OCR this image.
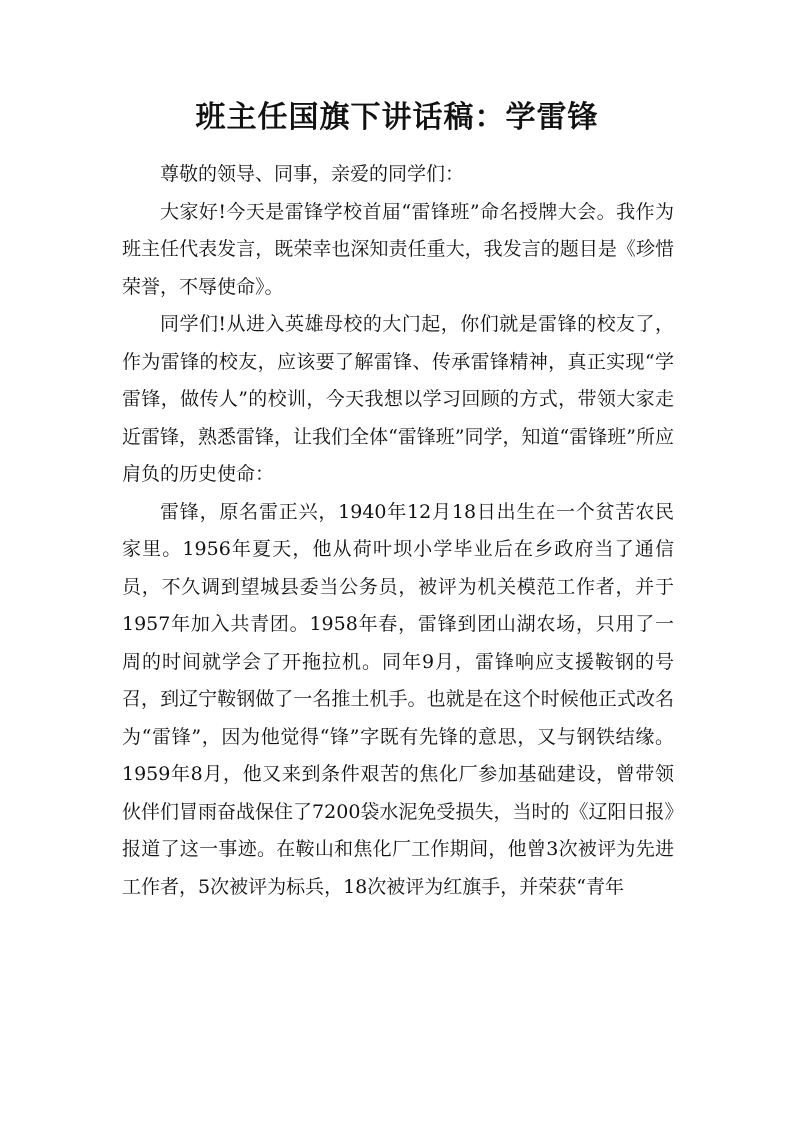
班主任国旗下讲话稿：学雷锋

尊敬的领导、同事，亲爱的同学们：

大家好!今天是雷锋学校首届“雷锋班”命名授牌大会。我作为班主任代表发言，既荣幸也深知责任重大，我发言的题目是《珍惜荣誉，不辱使命》。

同学们!从进入英雄母校的大门起，你们就是雷锋的校友了，作为雷锋的校友，应该要了解雷锋、传承雷锋精神，真正实现“学雷锋，做传人”的校训，今天我想以学习回顾的方式，带领大家走近雷锋，熟悉雷锋，让我们全体“雷锋班”同学，知道“雷锋班”所应肩负的历史使命：

雷锋，原名雷正兴，1940年12月18日出生在一个贫苦农民家里。1956年夏天，他从荷叶坝小学毕业后在乡政府当了通信员，不久调到望城县委当公务员，被评为机关模范工作者，并于1957年加入共青团。1958年春，雷锋到团山湖农场，只用了一周的时间就学会了开拖拉机。同年9月，雷锋响应支援鞍钢的号召，到辽宁鞍钢做了一名推土机手。也就是在这个时候他正式改名为“雷锋”，因为他觉得“锋”字既有先锋的意思，又与钢铁结缘。1959年8月，他又来到条件艰苦的焦化厂参加基础建设，曾带领伙伴们冒雨奋战保住了7200袋水泥免受损失，当时的《辽阳日报》报道了这一事迹。在鞍山和焦化厂工作期间，他曾3次被评为先进工作者，5次被评为标兵，18次被评为红旗手，并荣获“青年
